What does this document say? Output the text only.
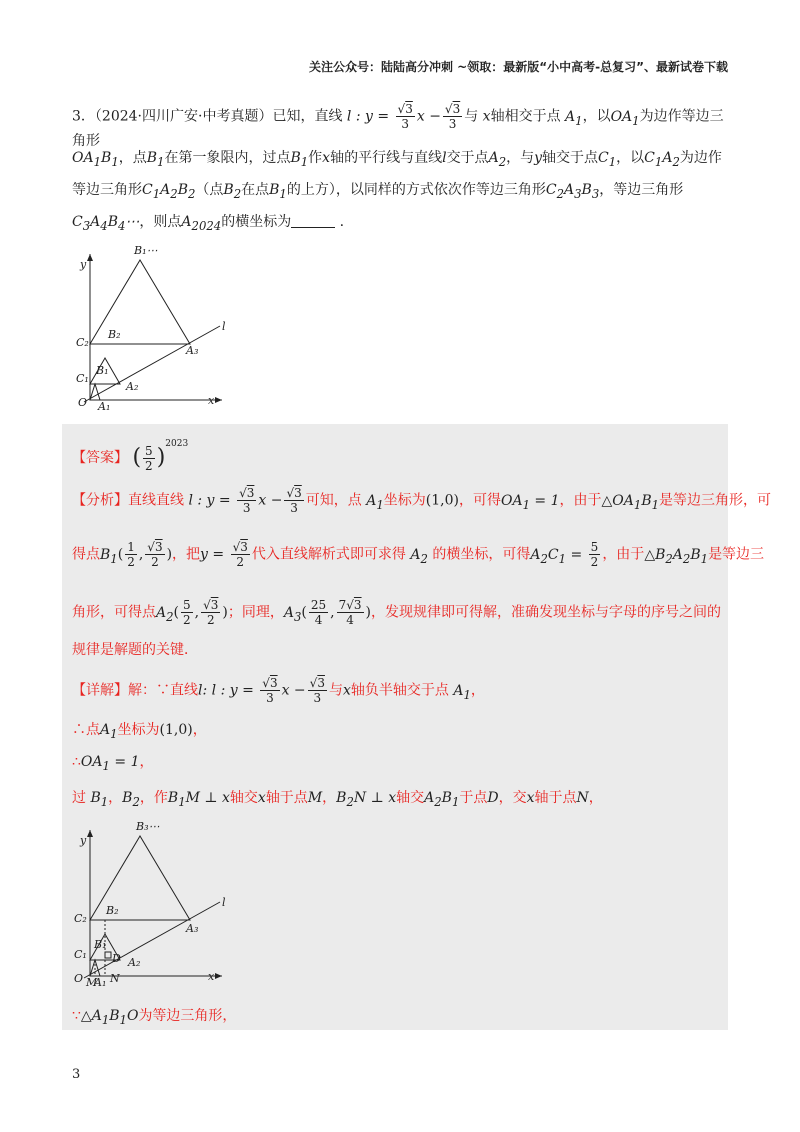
关注公众号：陆陆高分冲刺 ~领取：最新版“小中高考-总复习”、最新试卷下载
3．（2024·四川广安·中考真题）已知，直线 l : $y = \frac{√3}{3}$ $x - \frac{√3}{3}$ 与 x轴相交于点 $A_1$，以$OA_1$为边作等边三角形
$OA_1B_1$，点$B_1$在第一象限内，过点$B_1$作x轴的平行线与直线l交于点$A_2$，与y轴交于点$C_1$，以$C_1A_2$为边作
等边三角形$C_1A_2B_2$（点$B_2$在点$B_1$的上方），以同样的方式依次作等边三角形$C_2A_3B_3$，等边三角形
$C_3A_4B_4\cdots$，则点$A_{2024}$的横坐标为	.
y
x
l
O A₁
C₁
C₂
B₁
B₂
B₁⋯
A₂
A₃
【答案】 ( $\frac{5}{2} )^{2023}$
【分析】直线直线 l : $y = \frac{√3}{3}$ $x - \frac{√3}{3}$ 可知，点 $A_1$坐标为(1,0)，可得$OA_1 = 1$，由于$\triangle OA_1B_1$是等边三角形，可
得点$B_1( \frac{1}{2}$ , $\frac{√3}{2}$ )，把$y = \frac{√3}{2}$ 代入直线解析式即可求得 $A_2$ 的横坐标，可得$A_2C_1 = \frac{5}{2}$ ，由于$\triangle B_2A_2B_1$是等边三
角形，可得点$A_2( \frac{5}{2}$ , $\frac{√3}{2}$ )；同理，$A_3( \frac{25}{4}$ , $\frac{7√3}{4}$ )，发现规律即可得解，准确发现坐标与字母的序号之间的
规律是解题的关键．
【详解】解：∵直线l: l : $y = \frac{√3}{3}$ $x - \frac{√3}{3}$ 与x轴负半轴交于点 $A_1$，
∴点$A_1$坐标为(1,0)，
$\therefore OA_1 = 1$，
过 $B_1$，$B_2$，作$B_1M$ ⊥ x轴交x轴于点M，$B_2N$ ⊥ x轴交$A_2B_1$于点D，交x轴于点N，
y
x
l
O M
A₁ N
D
C₁
C₂
B₁
B₂
B₃⋯
A₂
A₃
$\because\triangle A_1B_1O$为等边三角形，
3
